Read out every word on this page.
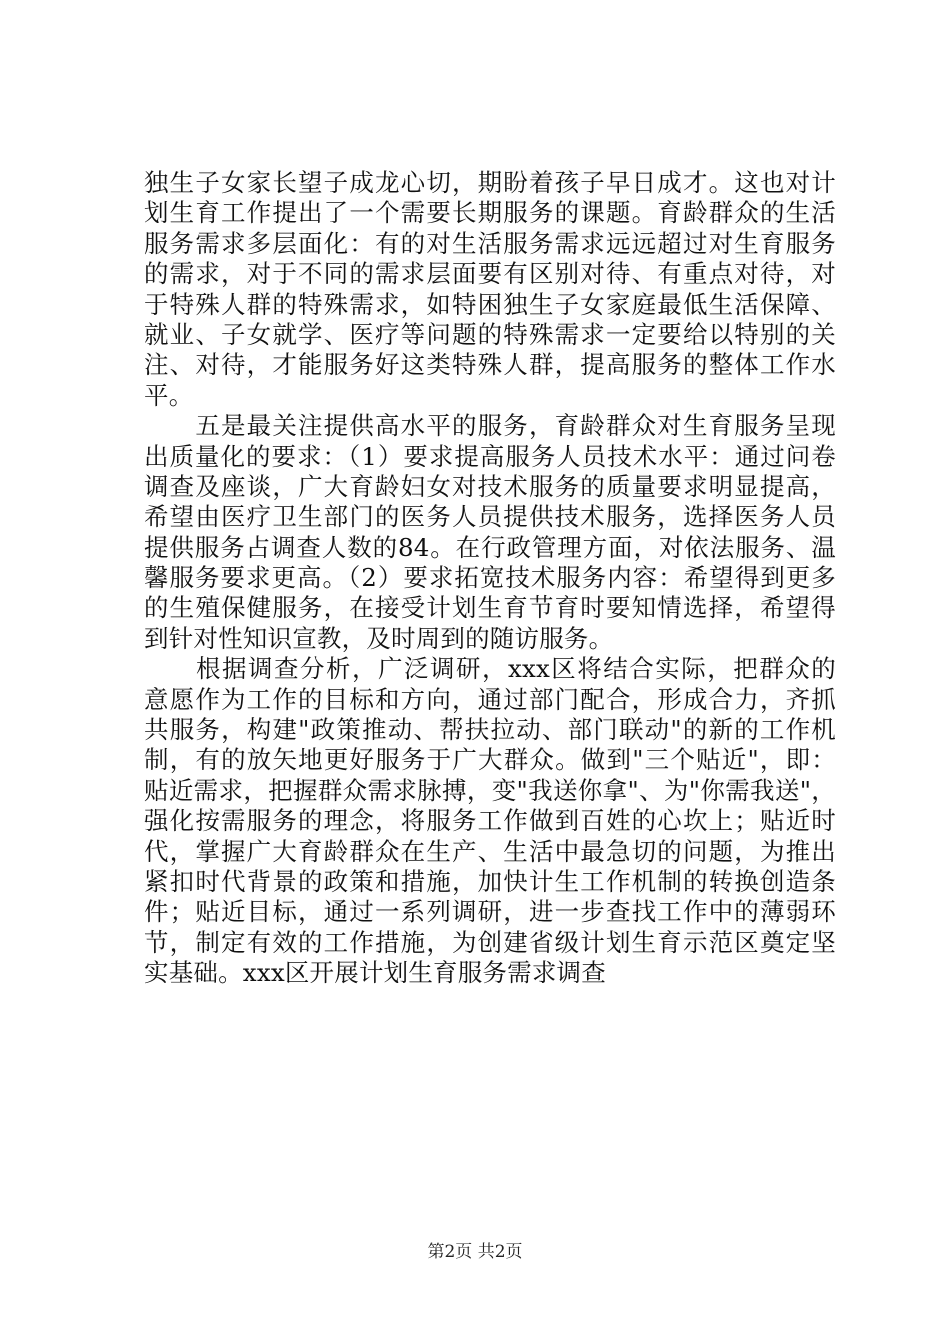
独生子女家长望子成龙心切，期盼着孩子早日成才。这也对计
划生育工作提出了一个需要长期服务的课题。育龄群众的生活
服务需求多层面化：有的对生活服务需求远远超过对生育服务
的需求，对于不同的需求层面要有区别对待、有重点对待，对
于特殊人群的特殊需求，如特困独生子女家庭最低生活保障、
就业、子女就学、医疗等问题的特殊需求一定要给以特别的关
注、对待，才能服务好这类特殊人群，提高服务的整体工作水
平。
　　五是最关注提供高水平的服务，育龄群众对生育服务呈现
出质量化的要求：（1）要求提高服务人员技术水平：通过问卷
调查及座谈，广大育龄妇女对技术服务的质量要求明显提高，
希望由医疗卫生部门的医务人员提供技术服务，选择医务人员
提供服务占调查人数的84。在行政管理方面，对依法服务、温
馨服务要求更高。（2）要求拓宽技术服务内容：希望得到更多
的生殖保健服务，在接受计划生育节育时要知情选择，希望得
到针对性知识宣教，及时周到的随访服务。
　　根据调查分析，广泛调研，xxx区将结合实际，把群众的
意愿作为工作的目标和方向，通过部门配合，形成合力，齐抓
共服务，构建"政策推动、帮扶拉动、部门联动"的新的工作机
制，有的放矢地更好服务于广大群众。做到"三个贴近"，即：
贴近需求，把握群众需求脉搏，变"我送你拿"、为"你需我送"，
强化按需服务的理念，将服务工作做到百姓的心坎上；贴近时
代，掌握广大育龄群众在生产、生活中最急切的问题，为推出
紧扣时代背景的政策和措施，加快计生工作机制的转换创造条
件；贴近目标，通过一系列调研，进一步查找工作中的薄弱环
节，制定有效的工作措施，为创建省级计划生育示范区奠定坚
实基础。xxx区开展计划生育服务需求调查
第2页 共2页
